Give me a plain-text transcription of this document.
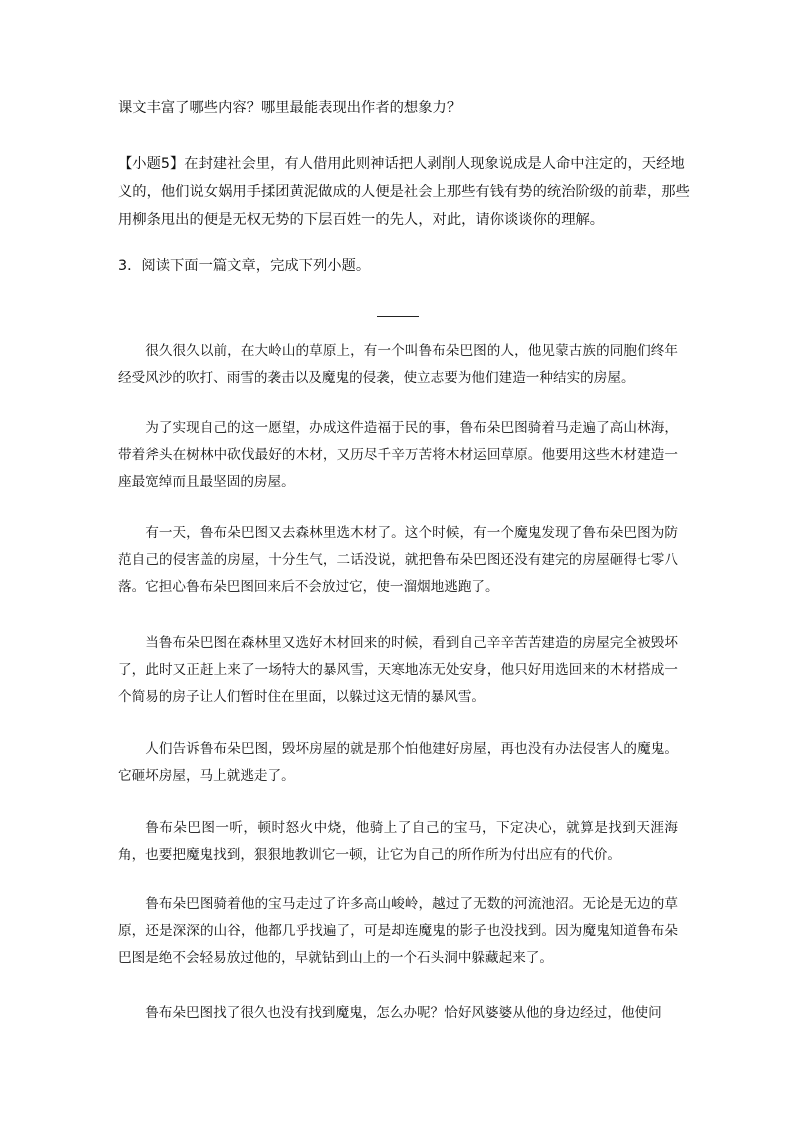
课文丰富了哪些内容？哪里最能表现出作者的想象力？
【小题5】在封建社会里，有人借用此则神话把人剥削人现象说成是人命中注定的，天经地
义的，他们说女娲用手揉团黄泥做成的人便是社会上那些有钱有势的统治阶级的前辈，那些
用柳条甩出的便是无权无势的下层百姓一的先人，对此，请你谈谈你的理解。
3．阅读下面一篇文章，完成下列小题。

很久很久以前，在大岭山的草原上，有一个叫鲁布朵巴图的人，他见蒙古族的同胞们终年经受风沙的吹打、雨雪的袭击以及魔鬼的侵袭，使立志要为他们建造一种结实的房屋。

为了实现自己的这一愿望，办成这件造福于民的事，鲁布朵巴图骑着马走遍了高山林海，带着斧头在树林中砍伐最好的木材，又历尽千辛万苦将木材运回草原。他要用这些木材建造一座最宽绰而且最坚固的房屋。

有一天，鲁布朵巴图又去森林里选木材了。这个时候，有一个魔鬼发现了鲁布朵巴图为防范自己的侵害盖的房屋，十分生气，二话没说，就把鲁布朵巴图还没有建完的房屋砸得七零八落。它担心鲁布朵巴图回来后不会放过它，使一溜烟地逃跑了。

当鲁布朵巴图在森林里又选好木材回来的时候，看到自己辛辛苦苦建造的房屋完全被毁坏了，此时又正赶上来了一场特大的暴风雪，天寒地冻无处安身，他只好用选回来的木材搭成一个简易的房子让人们暂时住在里面，以躲过这无情的暴风雪。

人们告诉鲁布朵巴图，毁坏房屋的就是那个怕他建好房屋，再也没有办法侵害人的魔鬼。它砸坏房屋，马上就逃走了。

鲁布朵巴图一听，顿时怒火中烧，他骑上了自己的宝马，下定决心，就算是找到天涯海角，也要把魔鬼找到，狠狠地教训它一顿，让它为自己的所作所为付出应有的代价。

鲁布朵巴图骑着他的宝马走过了许多高山峻岭，越过了无数的河流池沼。无论是无边的草原，还是深深的山谷，他都几乎找遍了，可是却连魔鬼的影子也没找到。因为魔鬼知道鲁布朵巴图是绝不会轻易放过他的，早就钻到山上的一个石头洞中躲藏起来了。

鲁布朵巴图找了很久也没有找到魔鬼，怎么办呢？恰好风婆婆从他的身边经过，他使问
